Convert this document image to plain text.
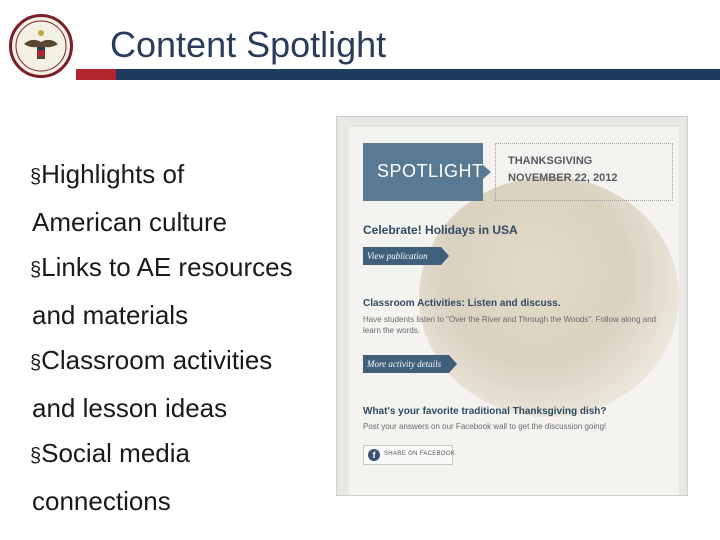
Content Spotlight

§Highlights of

American culture

§Links to AE resources

and materials

§Classroom activities

and lesson ideas

§Social media

connections

SPOTLIGHT THANKSGIVING
NOVEMBER 22, 2012
Celebrate! Holidays in USA
View publication
Classroom Activities: Listen and discuss.
Have students listen to "Over the River and Through the Woods". Follow along and learn the words.
More activity details
What's your favorite traditional Thanksgiving dish?
Post your answers on our Facebook wall to get the discussion going!
f	SHARE ON FACEBOOK
